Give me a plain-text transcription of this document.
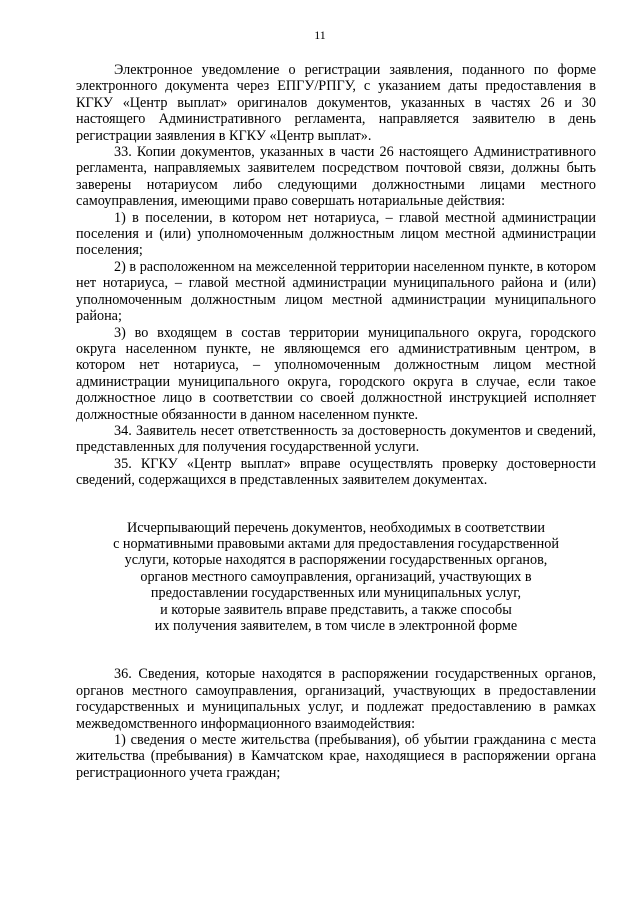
11

Электронное уведомление о регистрации заявления, поданного по форме электронного документа через ЕПГУ/РПГУ, с указанием даты предоставления в КГКУ «Центр выплат» оригиналов документов, указанных в частях 26 и 30 настоящего Административного регламента, направляется заявителю в день регистрации заявления в КГКУ «Центр выплат».

33. Копии документов, указанных в части 26 настоящего Административного регламента, направляемых заявителем посредством почтовой связи, должны быть заверены нотариусом либо следующими должностными лицами местного самоуправления, имеющими право совершать нотариальные действия:

1) в поселении, в котором нет нотариуса, – главой местной администрации поселения и (или) уполномоченным должностным лицом местной администрации поселения;

2) в расположенном на межселенной территории населенном пункте, в котором нет нотариуса, – главой местной администрации муниципального района и (или) уполномоченным должностным лицом местной администрации муниципального района;

3) во входящем в состав территории муниципального округа, городского округа населенном пункте, не являющемся его административным центром, в котором нет нотариуса, – уполномоченным должностным лицом местной администрации муниципального округа, городского округа в случае, если такое должностное лицо в соответствии со своей должностной инструкцией исполняет должностные обязанности в данном населенном пункте.

34. Заявитель несет ответственность за достоверность документов и сведений, представленных для получения государственной услуги.

35. КГКУ «Центр выплат» вправе осуществлять проверку достоверности сведений, содержащихся в представленных заявителем документах.

Исчерпывающий перечень документов, необходимых в соответствии
с нормативными правовыми актами для предоставления государственной
услуги, которые находятся в распоряжении государственных органов,
органов местного самоуправления, организаций, участвующих в
предоставлении государственных или муниципальных услуг,
и которые заявитель вправе представить, а также способы
их получения заявителем, в том числе в электронной форме

36. Сведения, которые находятся в распоряжении государственных органов, органов местного самоуправления, организаций, участвующих в предоставлении государственных и муниципальных услуг, и подлежат предоставлению в рамках межведомственного информационного взаимодействия:

1) сведения о месте жительства (пребывания), об убытии гражданина с места жительства (пребывания) в Камчатском крае, находящиеся в распоряжении органа регистрационного учета граждан;
